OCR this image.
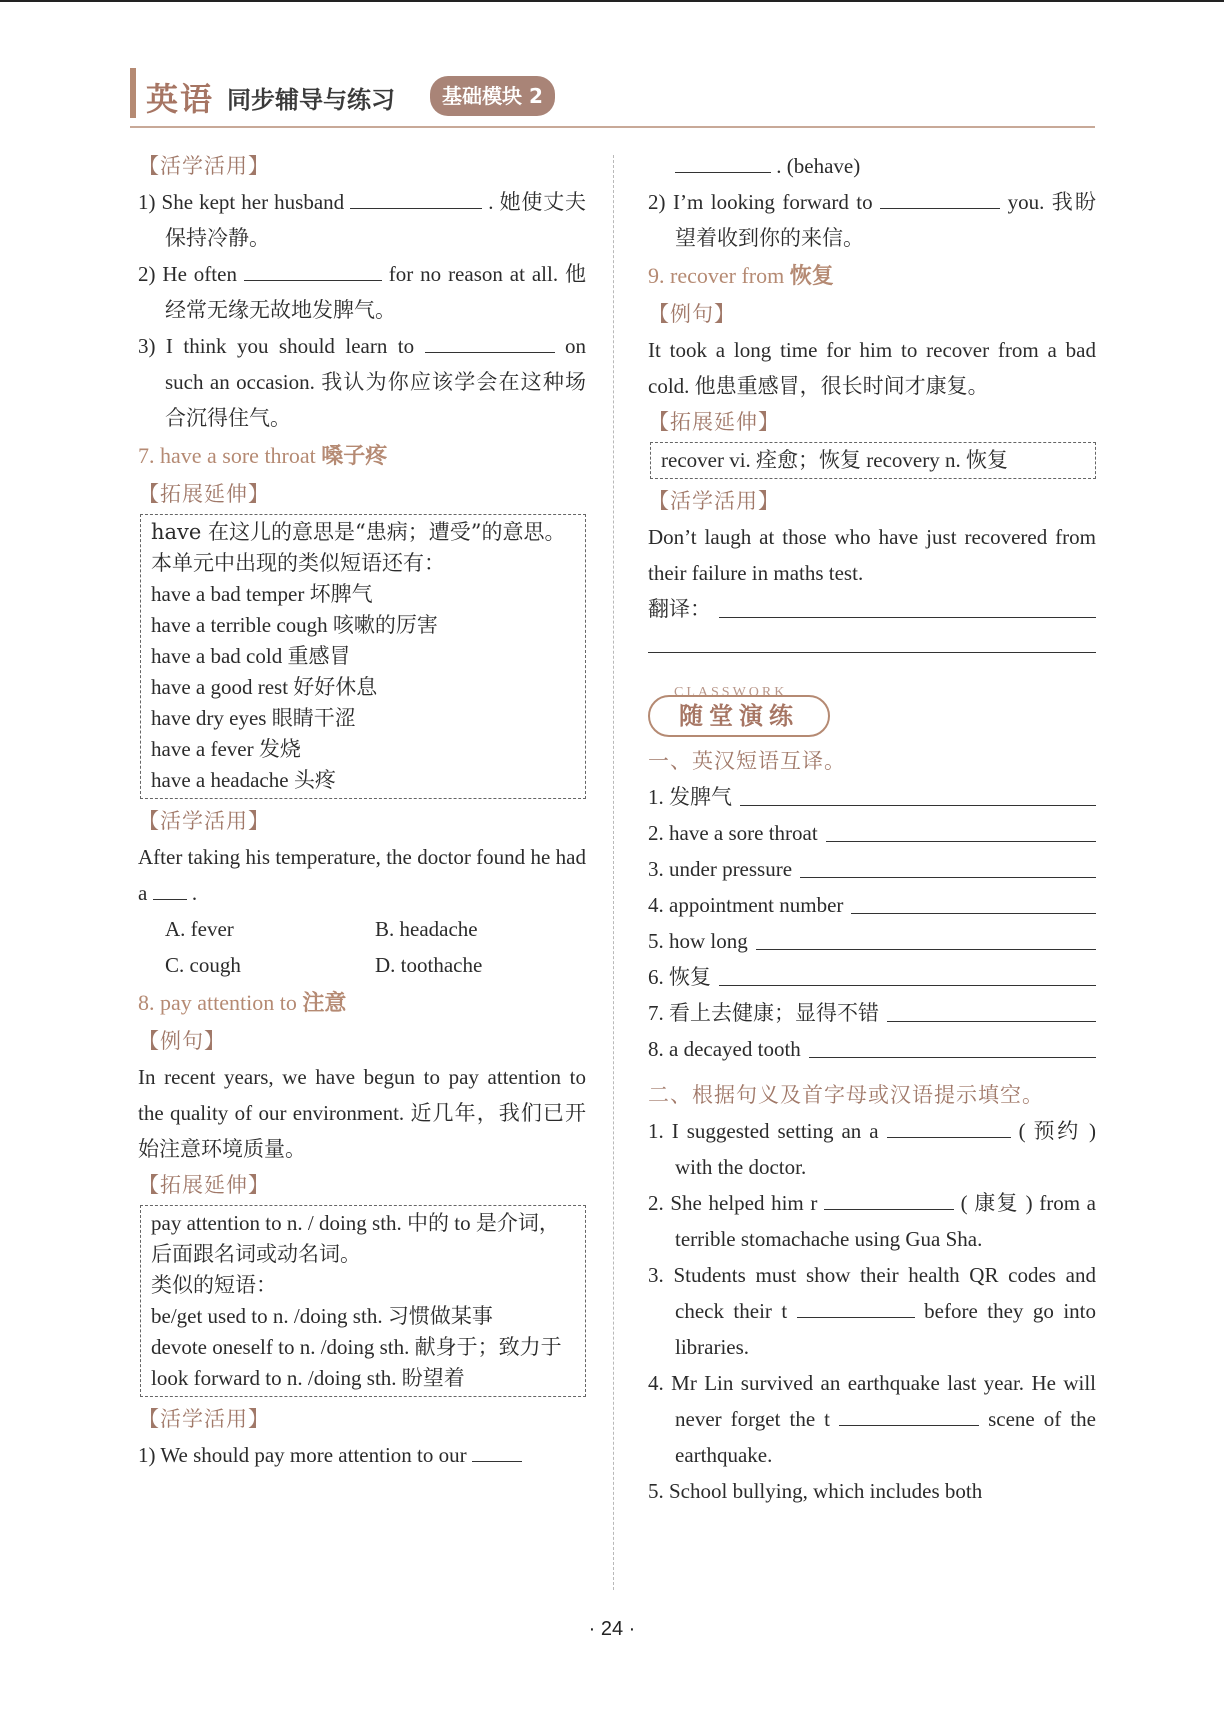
英语 同步辅导与练习	基础模块 2
【活学活用】

1) She kept her husband	. 她使丈夫保持冷静。

2) He often	for no reason at all. 他经常无缘无故地发脾气。

3) I think you should learn to	on such an occasion. 我认为你应该学会在这种场合沉得住气。

7. have a sore throat 嗓子疼
【拓展延伸】

have 在这儿的意思是“患病；遭受”的意思。

本单元中出现的类似短语还有：

have a bad temper 坏脾气

have a terrible cough 咳嗽的厉害

have a bad cold 重感冒

have a good rest 好好休息

have dry eyes 眼睛干涩

have a fever 发烧

have a headache 头疼

【活学活用】

After taking his temperature, the doctor found he had a  .

A. fever	B. headache
C. cough	D. toothache
8. pay attention to 注意
【例句】

In recent years, we have begun to pay attention to the quality of our environment. 近几年，我们已开始注意环境质量。

【拓展延伸】

pay attention to n. / doing sth. 中的 to 是介词，后面跟名词或动名词。

类似的短语：

be/get used to n. /doing sth. 习惯做某事

devote oneself to n. /doing sth. 献身于；致力于

look forward to n. /doing sth. 盼望着

【活学活用】

1) We should pay more attention to our

. (behave)

2) I’m looking forward to	you. 我盼望着收到你的来信。

9. recover from 恢复
【例句】

It took a long time for him to recover from a bad cold. 他患重感冒，很长时间才康复。

【拓展延伸】

recover vi. 痊愈；恢复 recovery n. 恢复

【活学活用】

Don’t laugh at those who have just recovered from their failure in maths test.

翻译：
CLASSWORK
随堂演练
一、英汉短语互译。
1. 发脾气
2. have a sore throat
3. under pressure
4. appointment number
5. how long
6. 恢复
7. 看上去健康；显得不错
8. a decayed tooth
二、根据句义及首字母或汉语提示填空。

1. I suggested setting an a	( 预约 ) with the doctor.

2. She helped him r	( 康复 ) from a terrible stomachache using Gua Sha.

3. Students must show their health QR codes and check their t	before they go into libraries.

4. Mr Lin survived an earthquake last year. He will never forget the t	scene of the earthquake.

5. School bullying, which includes both

· 24 ·
